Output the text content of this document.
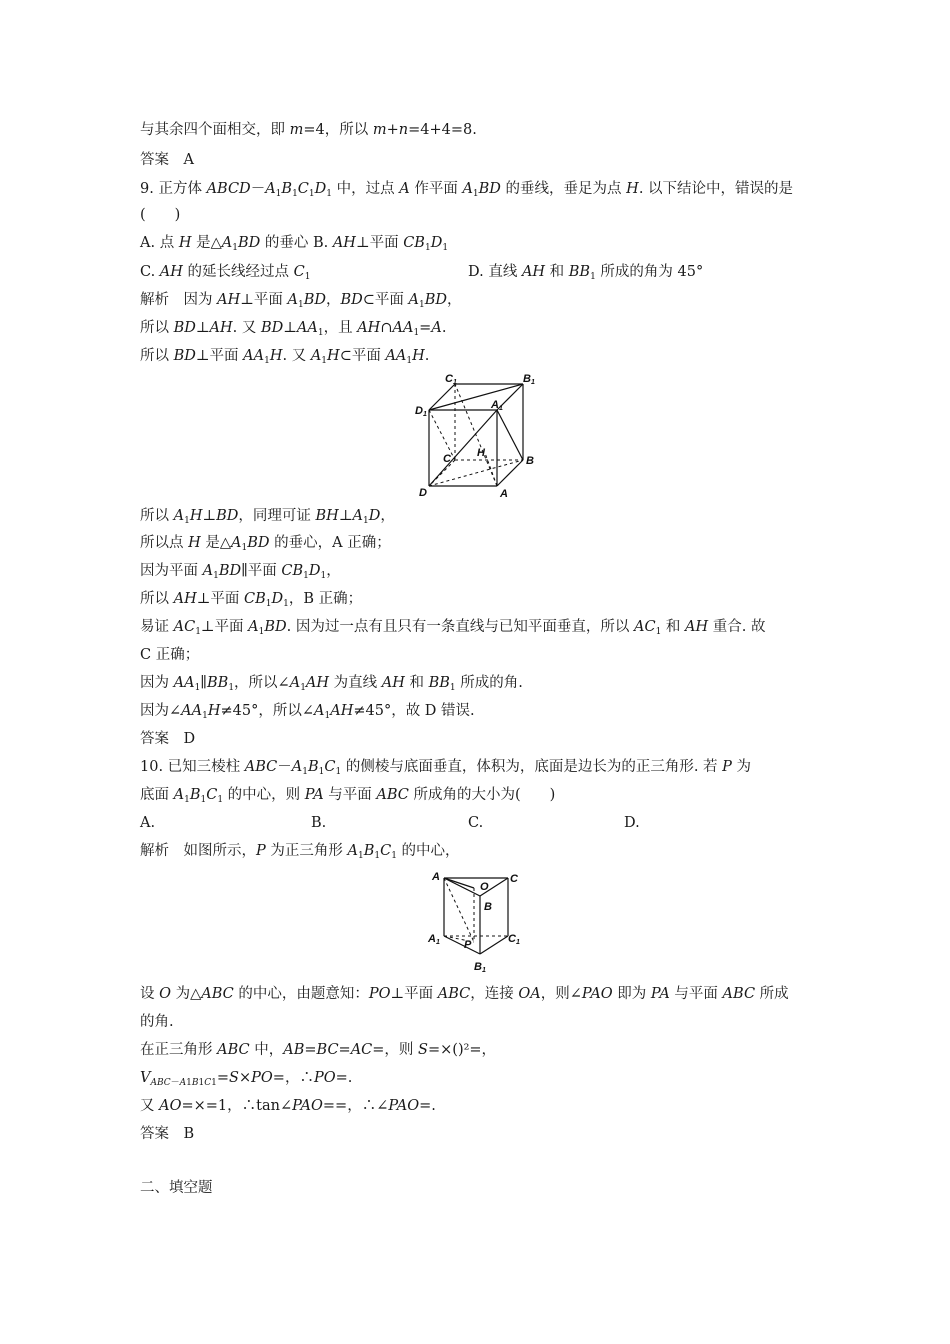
与其余四个面相交，即 m=4，所以 m+n=4+4=8.
答案　A
9. 正方体 $ABCD-A_1B_1C_1D_1$ 中，过点 A 作平面 $A_1BD$ 的垂线，垂足为点 H. 以下结论中，错误的是
(　　)
A. 点 H 是$\triangle A_1BD$ 的垂心 B. AH⊥平面 $CB_1D_1$
C. AH 的延长线经过点 $C_1$	D. 直线 AH 和 $BB_1$ 所成的角为 45°
解析　因为 AH⊥平面 $A_1BD$，BD⊂平面 $A_1BD$，
所以 BD⊥AH. 又 $BD\perp AA_1$，且 $AH\cap AA_1=A$.
所以 BD⊥平面 $AA_1H$. 又 $A_1H\subset$平面 $AA_1H$.
C 1	B 1
D 1
A 1
C H
B
D	A
所以 $A_1H\perp BD$，同理可证 $BH\perp A_1D$，
所以点 H 是$\triangle A_1BD$ 的垂心，A 正确；
因为平面 $A_1BD\parallel$平面 $CB_1D_1$，
所以 AH⊥平面 $CB_1D_1$，B 正确；
易证 $AC_1\perp$平面 $A_1BD$. 因为过一点有且只有一条直线与已知平面垂直，所以 $AC_1$ 和 AH 重合. 故
C 正确；
因为 $AA_1\parallel BB_1$，所以$\angle A_1AH$ 为直线 AH 和 $BB_1$ 所成的角.
因为$\angle AA_1H\ne 45^\circ$，所以$\angle A_1AH\ne 45^\circ$，故 D 错误.
答案　D
10. 已知三棱柱 $ABC-A_1B_1C_1$ 的侧棱与底面垂直，体积为，底面是边长为的正三角形. 若 P 为
底面 $A_1B_1C_1$ 的中心，则 PA 与平面 ABC 所成角的大小为(　　)
A.	B.	C.	D.
解析　如图所示，P 为正三角形 $A_1B_1C_1$ 的中心，
A
O
C
B
A 1 P	C 1
B 1
设 O 为△ABC 的中心，由题意知：PO⊥平面 ABC，连接 OA，则∠PAO 即为 PA 与平面 ABC 所成
的角.
在正三角形 ABC 中，AB=BC=AC=，则 S=×()²=，
$V_{ABC-A1B1C1}=S\times PO=$，∴PO=.
又 AO=×=1，∴tan∠PAO==，∴∠PAO=.
答案　B
二、填空题
